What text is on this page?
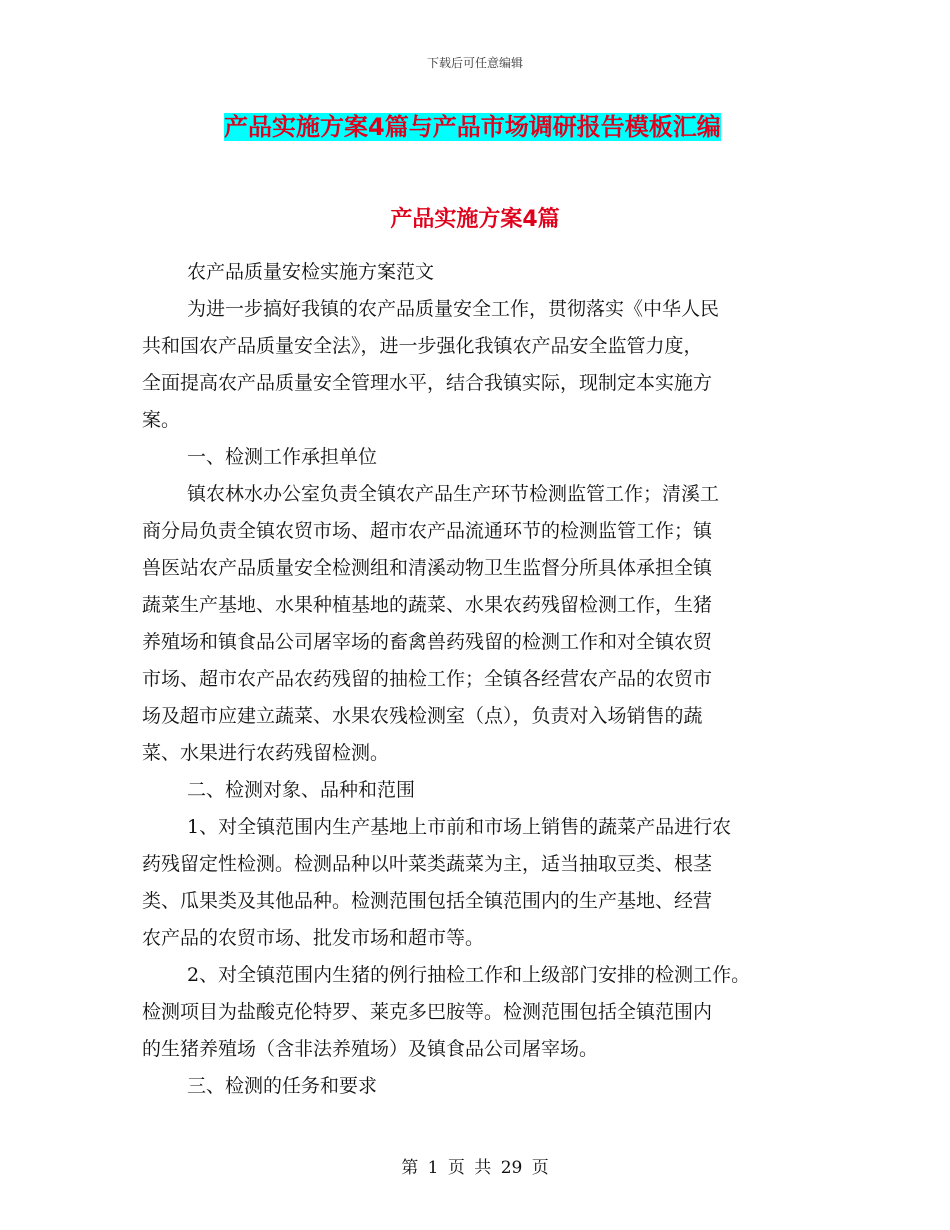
下载后可任意编辑
产品实施方案4篇与产品市场调研报告模板汇编
产品实施方案4篇
农产品质量安检实施方案范文
为进一步搞好我镇的农产品质量安全工作，贯彻落实《中华人民
共和国农产品质量安全法》，进一步强化我镇农产品安全监管力度，
全面提高农产品质量安全管理水平，结合我镇实际，现制定本实施方
案。
一、检测工作承担单位
镇农林水办公室负责全镇农产品生产环节检测监管工作；清溪工
商分局负责全镇农贸市场、超市农产品流通环节的检测监管工作；镇
兽医站农产品质量安全检测组和清溪动物卫生监督分所具体承担全镇
蔬菜生产基地、水果种植基地的蔬菜、水果农药残留检测工作，生猪
养殖场和镇食品公司屠宰场的畜禽兽药残留的检测工作和对全镇农贸
市场、超市农产品农药残留的抽检工作；全镇各经营农产品的农贸市
场及超市应建立蔬菜、水果农残检测室（点），负责对入场销售的蔬
菜、水果进行农药残留检测。
二、检测对象、品种和范围
1、对全镇范围内生产基地上市前和市场上销售的蔬菜产品进行农
药残留定性检测。检测品种以叶菜类蔬菜为主，适当抽取豆类、根茎
类、瓜果类及其他品种。检测范围包括全镇范围内的生产基地、经营
农产品的农贸市场、批发市场和超市等。
2、对全镇范围内生猪的例行抽检工作和上级部门安排的检测工作。
检测项目为盐酸克伦特罗、莱克多巴胺等。检测范围包括全镇范围内
的生猪养殖场（含非法养殖场）及镇食品公司屠宰场。
三、检测的任务和要求
第 1 页 共 29 页
